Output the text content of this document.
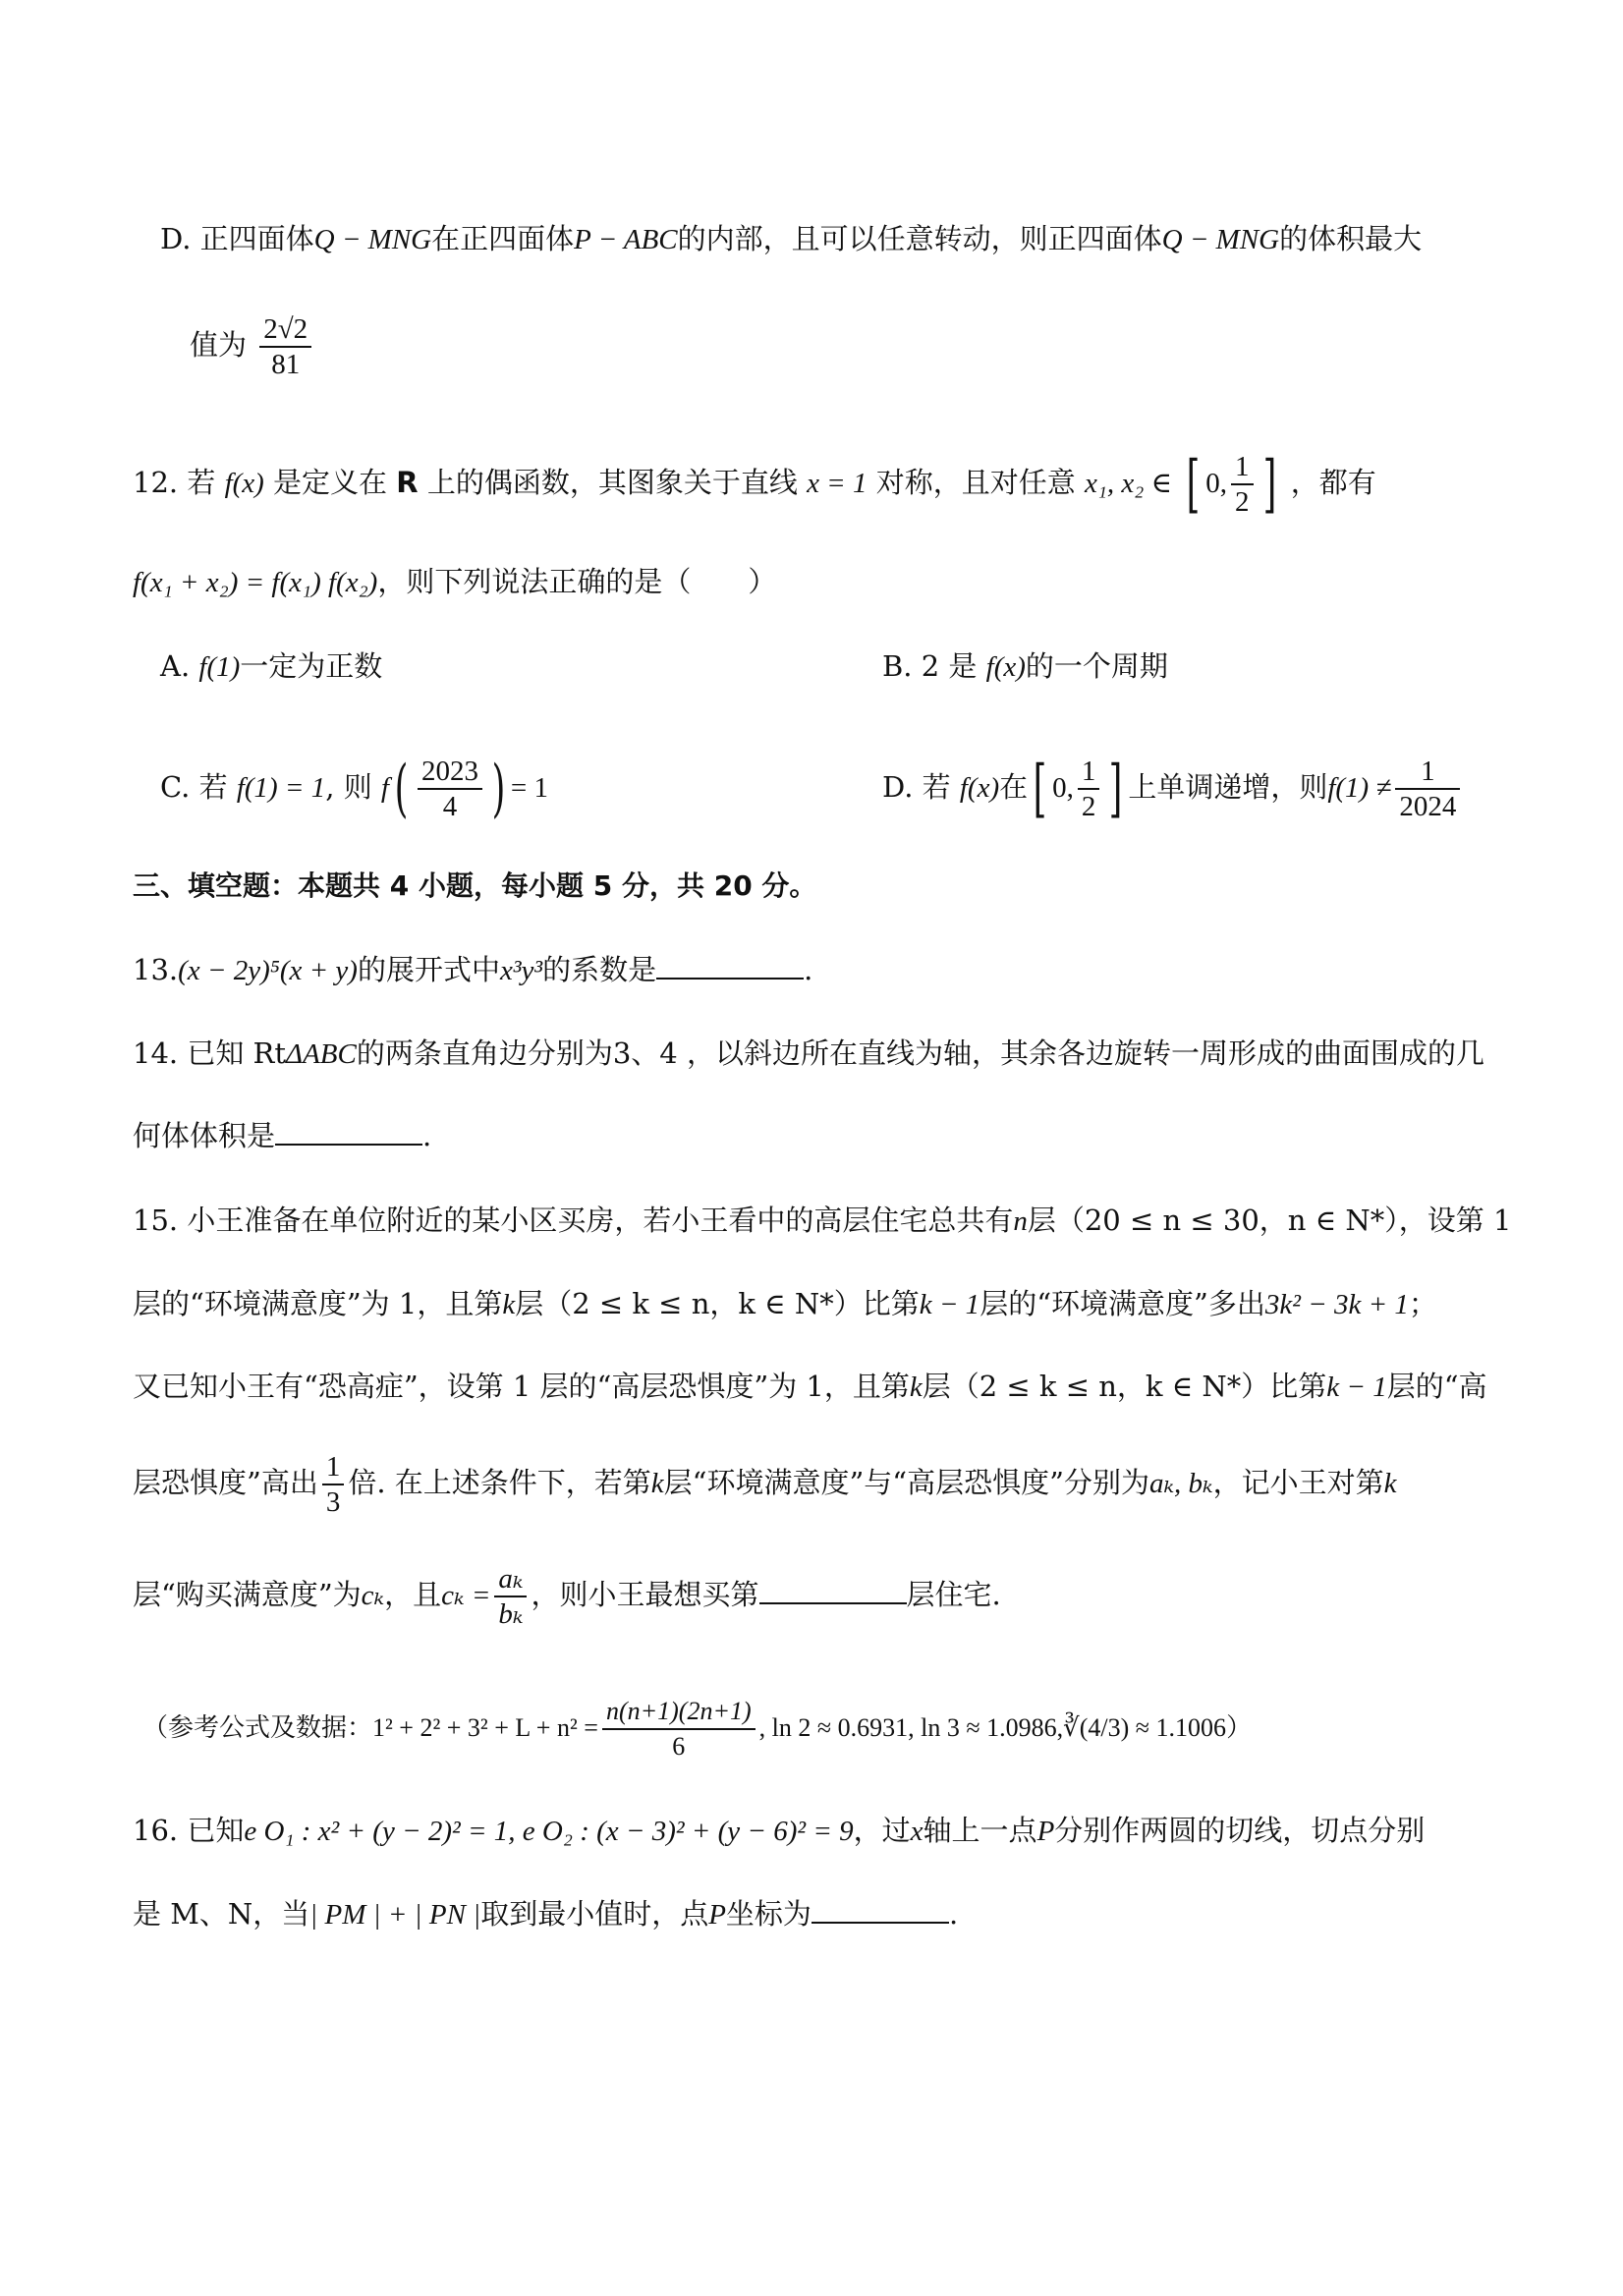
D. 正四面体Q − MNG在正四面体P − ABC的内部，且可以任意转动，则正四面体Q − MNG的体积最大
值为 $\frac{2√2}{81}$
12. 若 f(x) 是定义在 R 上的偶函数，其图象关于直线 x = 1 对称，且对任意 x₁, x₂ ∈ [ 0, $\frac{1}{2}$ ] ，都有
f(x₁ + x₂) = f(x₁) f(x₂)，则下列说法正确的是（　　）
A. f(1)一定为正数	B. 2 是 f(x)的一个周期
C. 若 f(1) = 1, 则 $f( \frac{2023}{4}$ ) = 1	D. 若 f(x)在[ 0, $\frac{1}{2}$ ] 上单调递增，则$f(1) \ne \frac{1}{2024}$
三、填空题：本题共 4 小题，每小题 5 分，共 20 分。
13.(x − 2y)⁵(x + y)的展开式中x³y³的系数是	.
14. 已知 RtΔABC的两条直角边分别为3、4 ，以斜边所在直线为轴，其余各边旋转一周形成的曲面围成的几
何体体积是	.
15. 小王准备在单位附近的某小区买房，若小王看中的高层住宅总共有n层（20 ≤ n ≤ 30，n ∈ N*），设第 1
层的“环境满意度”为 1，且第k层（2 ≤ k ≤ n，k ∈ N*）比第k − 1层的“环境满意度”多出3k² − 3k + 1；
又已知小王有“恐高症”，设第 1 层的“高层恐惧度”为 1，且第k层（2 ≤ k ≤ n，k ∈ N*）比第k − 1层的“高
层恐惧度”高出 $\frac{1}{3}$ 倍. 在上述条件下，若第k层“环境满意度”与“高层恐惧度”分别为aₖ, bₖ，记小王对第k
层“购买满意度”为cₖ，且$c_k = \frac{\text{aₖ}}{\text{bₖ}}$ ，则小王最想买第	层住宅.
（参考公式及数据：$1^2 + 2^2 + 3^2 + L + n^2 = \frac{n(n+1)(2n+1)}{6}$ , ln 2 ≈ 0.6931, ln 3 ≈ 1.0986,∛(4/3) ≈ 1.1006）
16. 已知e O₁ : x² + (y − 2)² = 1, e O₂ : (x − 3)² + (y − 6)² = 9，过x轴上一点P分别作两圆的切线，切点分别
是 M、N，当| PM | + | PN |取到最小值时，点P坐标为	.
